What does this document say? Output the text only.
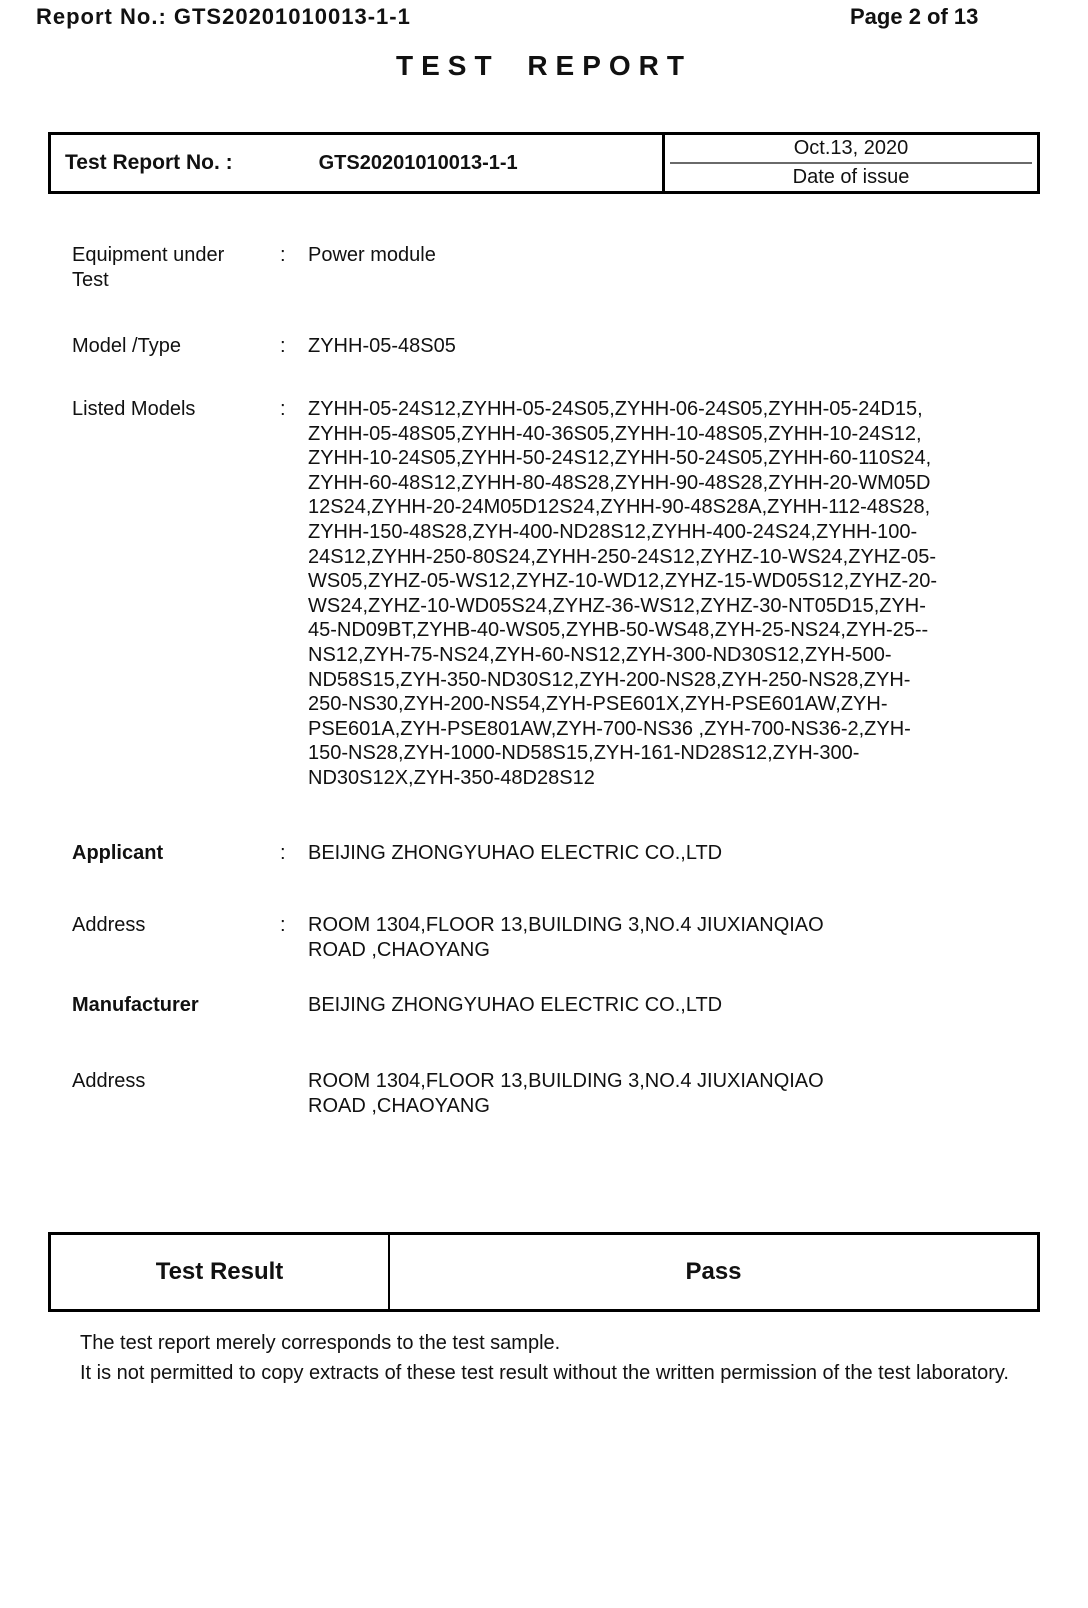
Report No.: GTS20201010013-1-1	Page 2 of 13
TEST REPORT
Test Report No. :	GTS20201010013-1-1
Oct.13, 2020
Date of issue
Equipment under Test
: Power module
Model /Type	: ZYHH-05-48S05
Listed Models	: ZYHH-05-24S12,ZYHH-05-24S05,ZYHH-06-24S05,ZYHH-05-24D15,
ZYHH-05-48S05,ZYHH-40-36S05,ZYHH-10-48S05,ZYHH-10-24S12,
ZYHH-10-24S05,ZYHH-50-24S12,ZYHH-50-24S05,ZYHH-60-110S24,
ZYHH-60-48S12,ZYHH-80-48S28,ZYHH-90-48S28,ZYHH-20-WM05D
12S24,ZYHH-20-24M05D12S24,ZYHH-90-48S28A,ZYHH-112-48S28,
ZYHH-150-48S28,ZYH-400-ND28S12,ZYHH-400-24S24,ZYHH-100-
24S12,ZYHH-250-80S24,ZYHH-250-24S12,ZYHZ-10-WS24,ZYHZ-05-
WS05,ZYHZ-05-WS12,ZYHZ-10-WD12,ZYHZ-15-WD05S12,ZYHZ-20-
WS24,ZYHZ-10-WD05S24,ZYHZ-36-WS12,ZYHZ-30-NT05D15,ZYH-
45-ND09BT,ZYHB-40-WS05,ZYHB-50-WS48,ZYH-25-NS24,ZYH-25--
NS12,ZYH-75-NS24,ZYH-60-NS12,ZYH-300-ND30S12,ZYH-500-
ND58S15,ZYH-350-ND30S12,ZYH-200-NS28,ZYH-250-NS28,ZYH-
250-NS30,ZYH-200-NS54,ZYH-PSE601X,ZYH-PSE601AW,ZYH-
PSE601A,ZYH-PSE801AW,ZYH-700-NS36 ,ZYH-700-NS36-2,ZYH-
150-NS28,ZYH-1000-ND58S15,ZYH-161-ND28S12,ZYH-300-
ND30S12X,ZYH-350-48D28S12
Applicant	: BEIJING ZHONGYUHAO ELECTRIC CO.,LTD
Address	: ROOM 1304,FLOOR 13,BUILDING 3,NO.4 JIUXIANQIAO
ROAD ,CHAOYANG
Manufacturer	BEIJING ZHONGYUHAO ELECTRIC CO.,LTD
Address	ROOM 1304,FLOOR 13,BUILDING 3,NO.4 JIUXIANQIAO
ROAD ,CHAOYANG
Test Result	Pass

The test report merely corresponds to the test sample.

It is not permitted to copy extracts of these test result without the written permission of the test laboratory.
